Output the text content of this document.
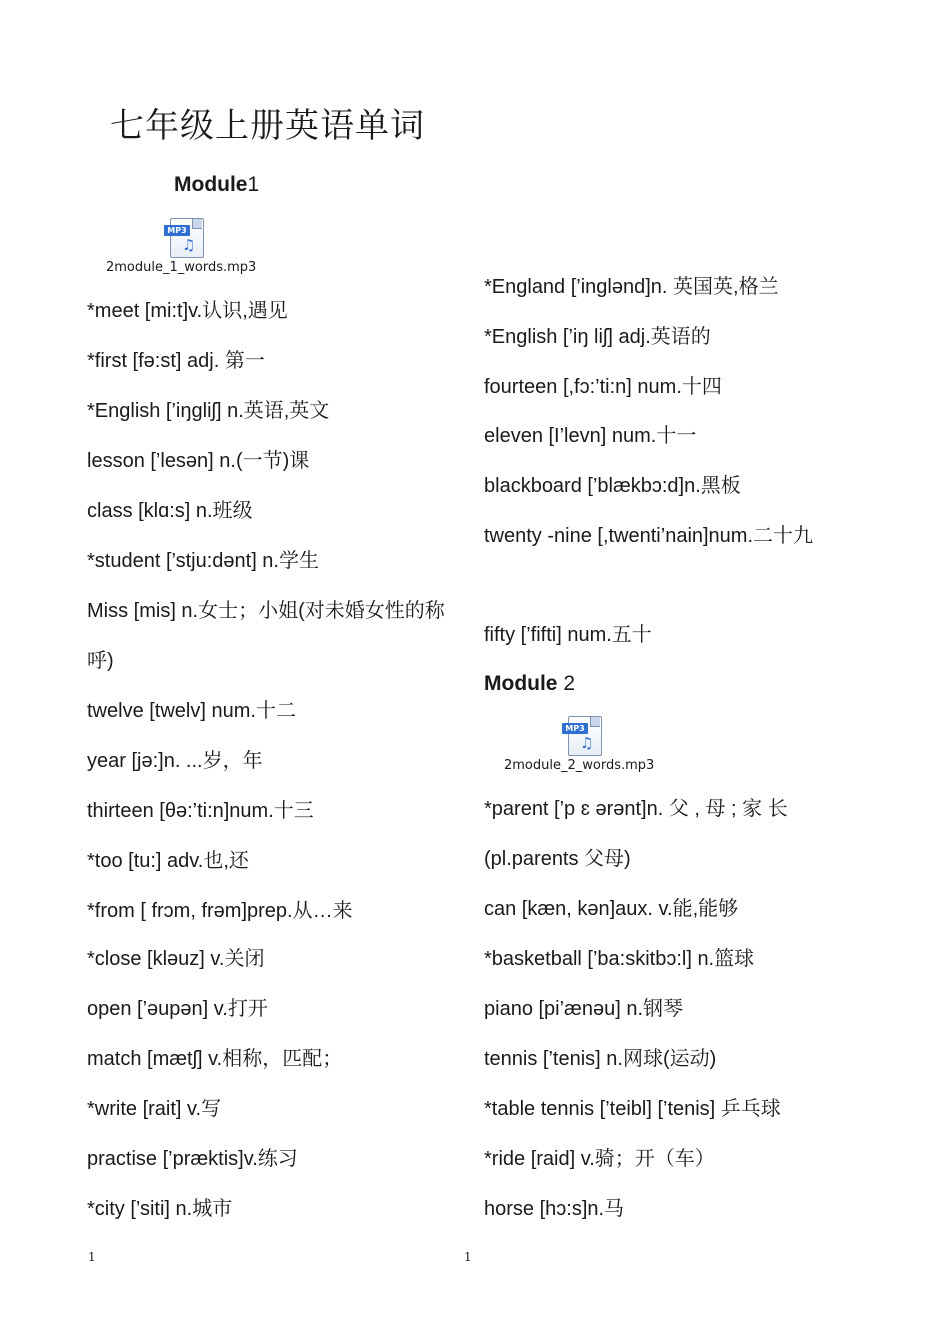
七年级上册英语单词
Module1
MP3
♫
2module_1_words.mp3

*meet [mi:t]v.认识,遇见

*first [fə:st] adj. 第一

*English [’iŋgliʃ] n.英语,英文

lesson [’lesən] n.(一节)课

class [klɑ:s] n.班级

*student [’stju:dənt] n.学生

Miss [mis] n.女士；小姐(对未婚女性的称呼)

twelve [twelv] num.十二

year [jə:]n. ...岁，年

thirteen [θə:’ti:n]num.十三

*too [tu:] adv.也,还

*from [ frɔm, frəm]prep.从…来

*close [kləuz] v.关闭

open [’əupən] v.打开

match [mætʃ] v.相称，匹配；

*write [rait] v.写

practise [’præktis]v.练习

*city [’siti] n.城市

*England [’inglənd]n. 英国英,格兰

*English [’iŋ liʃ] adj.英语的

fourteen [,fɔ:’ti:n] num.十四

eleven [I’levn] num.十一

blackboard [’blækbɔ:d]n.黑板

twenty -nine [,twenti’nain]num.二十九

fifty [’fifti] num.五十

Module 2
MP3
♫
2module_2_words.mp3

*parent [’p ɛ ərənt]n. 父 , 母 ; 家 长 (pl.parents 父母)

can [kæn, kən]aux. v.能,能够

*basketball [’ba:skitbɔ:l] n.篮球

piano [pi’ænəu] n.钢琴

tennis [’tenis] n.网球(运动)

*table tennis [’teibl] [’tenis] 乒乓球

*ride [raid] v.骑；开（车）

horse [hɔ:s]n.马

1	1
